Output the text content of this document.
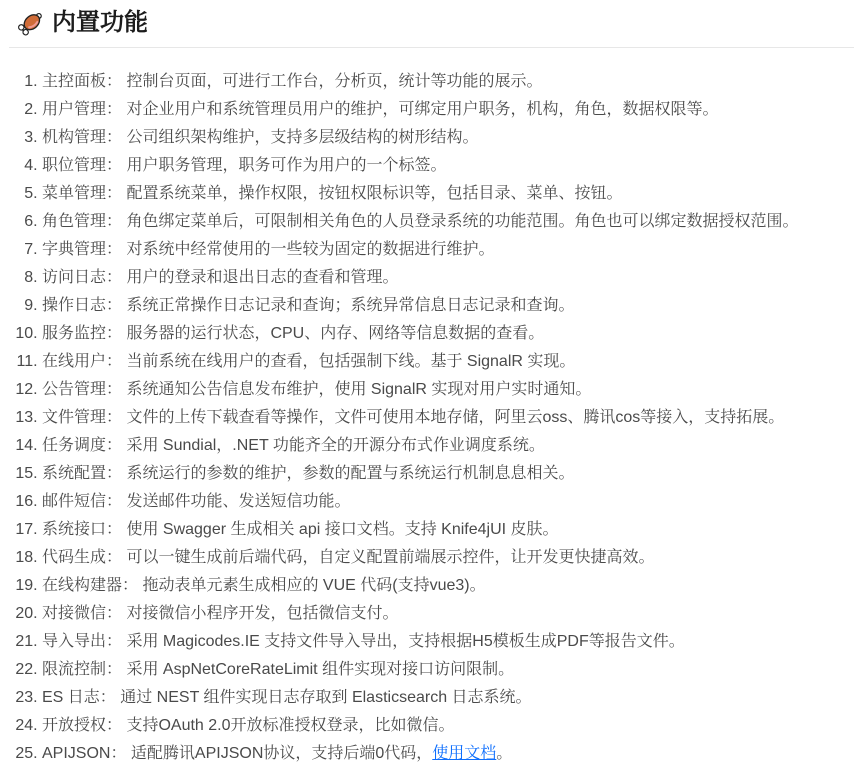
内置功能
1. 主控面板： 控制台页面，可进行工作台，分析页，统计等功能的展示。
2. 用户管理： 对企业用户和系统管理员用户的维护，可绑定用户职务，机构，角色，数据权限等。
3. 机构管理： 公司组织架构维护，支持多层级结构的树形结构。
4. 职位管理： 用户职务管理，职务可作为用户的一个标签。
5. 菜单管理： 配置系统菜单，操作权限，按钮权限标识等，包括目录、菜单、按钮。
6. 角色管理： 角色绑定菜单后，可限制相关角色的人员登录系统的功能范围。角色也可以绑定数据授权范围。
7. 字典管理： 对系统中经常使用的一些较为固定的数据进行维护。
8. 访问日志： 用户的登录和退出日志的查看和管理。
9. 操作日志： 系统正常操作日志记录和查询；系统异常信息日志记录和查询。
10. 服务监控： 服务器的运行状态，CPU、内存、网络等信息数据的查看。
11. 在线用户： 当前系统在线用户的查看，包括强制下线。基于 SignalR 实现。
12. 公告管理： 系统通知公告信息发布维护，使用 SignalR 实现对用户实时通知。
13. 文件管理： 文件的上传下载查看等操作，文件可使用本地存储，阿里云oss、腾讯cos等接入，支持拓展。
14. 任务调度： 采用 Sundial，.NET 功能齐全的开源分布式作业调度系统。
15. 系统配置： 系统运行的参数的维护，参数的配置与系统运行机制息息相关。
16. 邮件短信： 发送邮件功能、发送短信功能。
17. 系统接口： 使用 Swagger 生成相关 api 接口文档。支持 Knife4jUI 皮肤。
18. 代码生成： 可以一键生成前后端代码，自定义配置前端展示控件，让开发更快捷高效。
19. 在线构建器： 拖动表单元素生成相应的 VUE 代码(支持vue3)。
20. 对接微信： 对接微信小程序开发，包括微信支付。
21. 导入导出： 采用 Magicodes.IE 支持文件导入导出，支持根据H5模板生成PDF等报告文件。
22. 限流控制： 采用 AspNetCoreRateLimit 组件实现对接口访问限制。
23. ES 日志： 通过 NEST 组件实现日志存取到 Elasticsearch 日志系统。
24. 开放授权： 支持OAuth 2.0开放标准授权登录，比如微信。
25. APIJSON： 适配腾讯APIJSON协议，支持后端0代码，使用文档。
